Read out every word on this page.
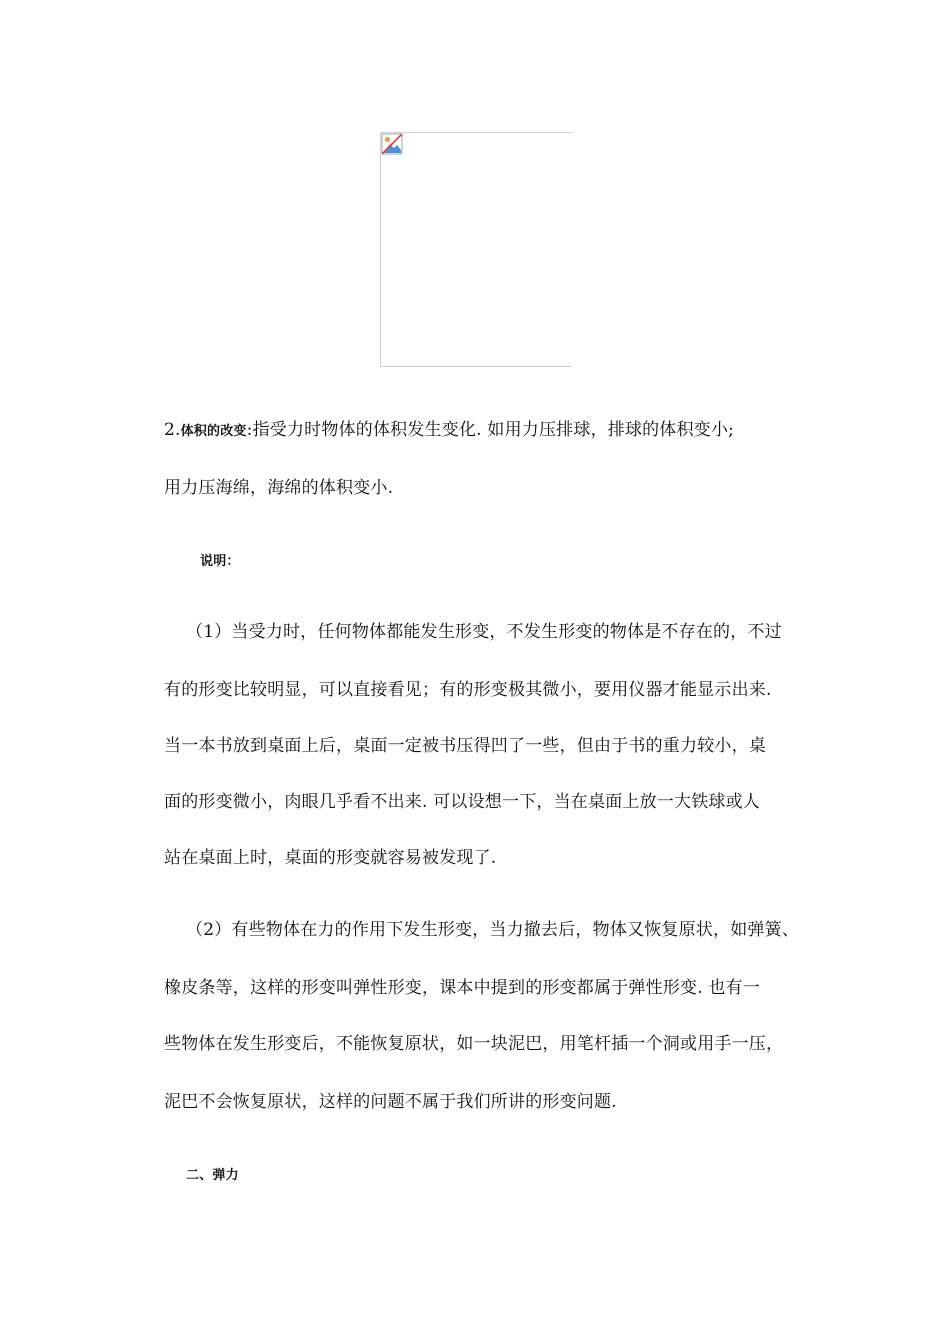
2.体积的改变:指受力时物体的体积发生变化. 如用力压排球，排球的体积变小;
用力压海绵，海绵的体积变小.
说明：
（1）当受力时，任何物体都能发生形变，不发生形变的物体是不存在的，不过
有的形变比较明显，可以直接看见；有的形变极其微小，要用仪器才能显示出来.
当一本书放到桌面上后，桌面一定被书压得凹了一些，但由于书的重力较小，桌
面的形变微小，肉眼几乎看不出来. 可以设想一下，当在桌面上放一大铁球或人
站在桌面上时，桌面的形变就容易被发现了.
（2）有些物体在力的作用下发生形变，当力撤去后，物体又恢复原状，如弹簧、
橡皮条等，这样的形变叫弹性形变，课本中提到的形变都属于弹性形变. 也有一
些物体在发生形变后，不能恢复原状，如一块泥巴，用笔杆插一个洞或用手一压，
泥巴不会恢复原状，这样的问题不属于我们所讲的形变问题.
二、弹力
